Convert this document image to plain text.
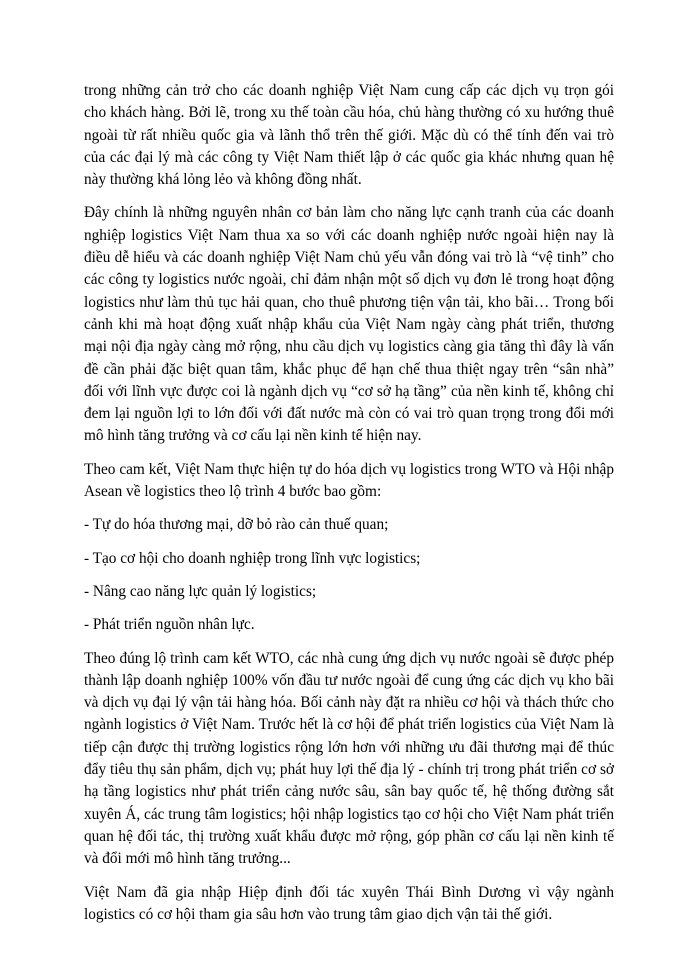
trong những cản trở cho các doanh nghiệp Việt Nam cung cấp các dịch vụ trọn gói cho khách hàng. Bởi lẽ, trong xu thế toàn cầu hóa, chủ hàng thường có xu hướng thuê ngoài từ rất nhiều quốc gia và lãnh thổ trên thế giới. Mặc dù có thể tính đến vai trò của các đại lý mà các công ty Việt Nam thiết lập ở các quốc gia khác nhưng quan hệ này thường khá lỏng lẻo và không đồng nhất.

Đây chính là những nguyên nhân cơ bản làm cho năng lực cạnh tranh của các doanh nghiệp logistics Việt Nam thua xa so với các doanh nghiệp nước ngoài hiện nay là điều dễ hiểu và các doanh nghiệp Việt Nam chủ yếu vẫn đóng vai trò là “vệ tinh” cho các công ty logistics nước ngoài, chỉ đảm nhận một số dịch vụ đơn lẻ trong hoạt động logistics như làm thủ tục hải quan, cho thuê phương tiện vận tải, kho bãi… Trong bối cảnh khi mà hoạt động xuất nhập khẩu của Việt Nam ngày càng phát triển, thương mại nội địa ngày càng mở rộng, nhu cầu dịch vụ logistics càng gia tăng thì đây là vấn đề cần phải đặc biệt quan tâm, khắc phục để hạn chế thua thiệt ngay trên “sân nhà” đối với lĩnh vực được coi là ngành dịch vụ “cơ sở hạ tầng” của nền kinh tế, không chỉ đem lại nguồn lợi to lớn đối với đất nước mà còn có vai trò quan trọng trong đổi mới mô hình tăng trưởng và cơ cấu lại nền kinh tế hiện nay.

Theo cam kết, Việt Nam thực hiện tự do hóa dịch vụ logistics trong WTO và Hội nhập Asean về logistics theo lộ trình 4 bước bao gồm:

- Tự do hóa thương mại, dỡ bỏ rào cản thuế quan;

- Tạo cơ hội cho doanh nghiệp trong lĩnh vực logistics;

- Nâng cao năng lực quản lý logistics;

- Phát triển nguồn nhân lực.

Theo đúng lộ trình cam kết WTO, các nhà cung ứng dịch vụ nước ngoài sẽ được phép thành lập doanh nghiệp 100% vốn đầu tư nước ngoài để cung ứng các dịch vụ kho bãi và dịch vụ đại lý vận tải hàng hóa. Bối cảnh này đặt ra nhiều cơ hội và thách thức cho ngành logistics ở Việt Nam. Trước hết là cơ hội để phát triển logistics của Việt Nam là tiếp cận được thị trường logistics rộng lớn hơn với những ưu đãi thương mại để thúc đẩy tiêu thụ sản phẩm, dịch vụ; phát huy lợi thế địa lý - chính trị trong phát triển cơ sở hạ tầng logistics như phát triển cảng nước sâu, sân bay quốc tế, hệ thống đường sắt xuyên Á, các trung tâm logistics; hội nhập logistics tạo cơ hội cho Việt Nam phát triển quan hệ đối tác, thị trường xuất khẩu được mở rộng, góp phần cơ cấu lại nền kinh tế và đổi mới mô hình tăng trưởng...

Việt Nam đã gia nhập Hiệp định đối tác xuyên Thái Bình Dương vì vậy ngành logistics có cơ hội tham gia sâu hơn vào trung tâm giao dịch vận tải thế giới.
